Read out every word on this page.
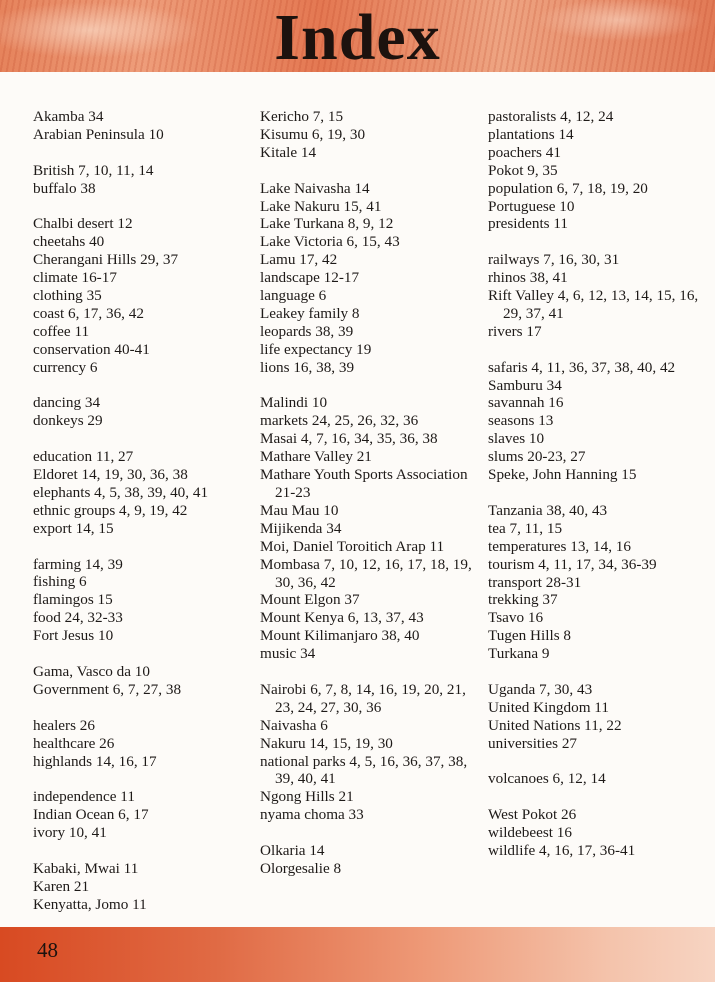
Index
Akamba 34
Arabian Peninsula 10
British 7, 10, 11, 14
buffalo 38
Chalbi desert 12
cheetahs 40
Cherangani Hills 29, 37
climate 16-17
clothing 35
coast 6, 17, 36, 42
coffee 11
conservation 40-41
currency 6
dancing 34
donkeys 29
education 11, 27
Eldoret 14, 19, 30, 36, 38
elephants 4, 5, 38, 39, 40, 41
ethnic groups 4, 9, 19, 42
export 14, 15
farming 14, 39
fishing 6
flamingos 15
food 24, 32-33
Fort Jesus 10
Gama, Vasco da 10
Government 6, 7, 27, 38
healers 26
healthcare 26
highlands 14, 16, 17
independence 11
Indian Ocean 6, 17
ivory 10, 41
Kabaki, Mwai 11
Karen 21
Kenyatta, Jomo 11
Kericho 7, 15
Kisumu 6, 19, 30
Kitale 14
Lake Naivasha 14
Lake Nakuru 15, 41
Lake Turkana 8, 9, 12
Lake Victoria 6, 15, 43
Lamu 17, 42
landscape 12-17
language 6
Leakey family 8
leopards 38, 39
life expectancy 19
lions 16, 38, 39
Malindi 10
markets 24, 25, 26, 32, 36
Masai 4, 7, 16, 34, 35, 36, 38
Mathare Valley 21
Mathare Youth Sports Association 21-23
Mau Mau 10
Mijikenda 34
Moi, Daniel Toroitich Arap 11
Mombasa 7, 10, 12, 16, 17, 18, 19, 30, 36, 42
Mount Elgon 37
Mount Kenya 6, 13, 37, 43
Mount Kilimanjaro 38, 40
music 34
Nairobi 6, 7, 8, 14, 16, 19, 20, 21, 23, 24, 27, 30, 36
Naivasha 6
Nakuru 14, 15, 19, 30
national parks 4, 5, 16, 36, 37, 38, 39, 40, 41
Ngong Hills 21
nyama choma 33
Olkaria 14
Olorgesalie 8
pastoralists 4, 12, 24
plantations 14
poachers 41
Pokot 9, 35
population 6, 7, 18, 19, 20
Portuguese 10
presidents 11
railways 7, 16, 30, 31
rhinos 38, 41
Rift Valley 4, 6, 12, 13, 14, 15, 16, 29, 37, 41
rivers 17
safaris 4, 11, 36, 37, 38, 40, 42
Samburu 34
savannah 16
seasons 13
slaves 10
slums 20-23, 27
Speke, John Hanning 15
Tanzania 38, 40, 43
tea 7, 11, 15
temperatures 13, 14, 16
tourism 4, 11, 17, 34, 36-39
transport 28-31
trekking 37
Tsavo 16
Tugen Hills 8
Turkana 9
Uganda 7, 30, 43
United Kingdom 11
United Nations 11, 22
universities 27
volcanoes 6, 12, 14
West Pokot 26
wildebeest 16
wildlife 4, 16, 17, 36-41
48
